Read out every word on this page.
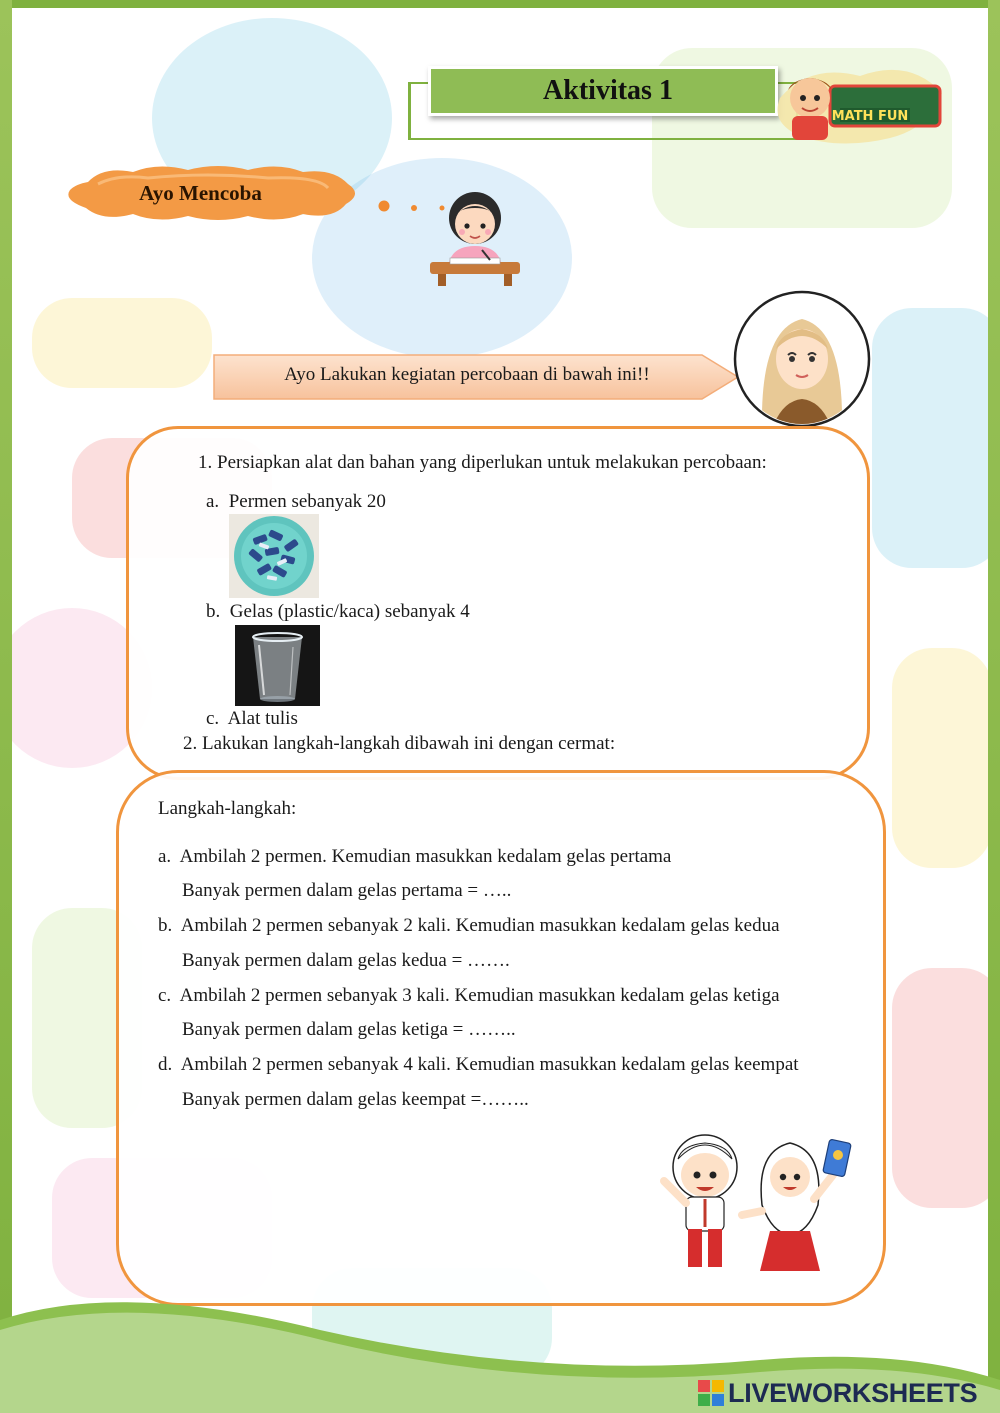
Aktivitas 1
MATH FUN
Ayo Mencoba
Ayo Lakukan kegiatan percobaan di bawah ini!!
1. Persiapkan alat dan bahan yang diperlukan untuk melakukan percobaan:
a. Permen sebanyak 20
b. Gelas (plastic/kaca) sebanyak 4
c. Alat tulis
2. Lakukan langkah-langkah dibawah ini dengan cermat:
Langkah-langkah:
a. Ambilah 2 permen. Kemudian masukkan kedalam gelas pertama
Banyak permen dalam gelas pertama = …..
b. Ambilah 2 permen sebanyak 2 kali. Kemudian masukkan kedalam gelas kedua
Banyak permen dalam gelas kedua = …….
c. Ambilah 2 permen sebanyak 3 kali. Kemudian masukkan kedalam gelas ketiga
Banyak permen dalam gelas ketiga = ……..
d. Ambilah 2 permen sebanyak 4 kali. Kemudian masukkan kedalam gelas keempat
Banyak permen dalam gelas keempat =……..
LIVEWORKSHEETS
